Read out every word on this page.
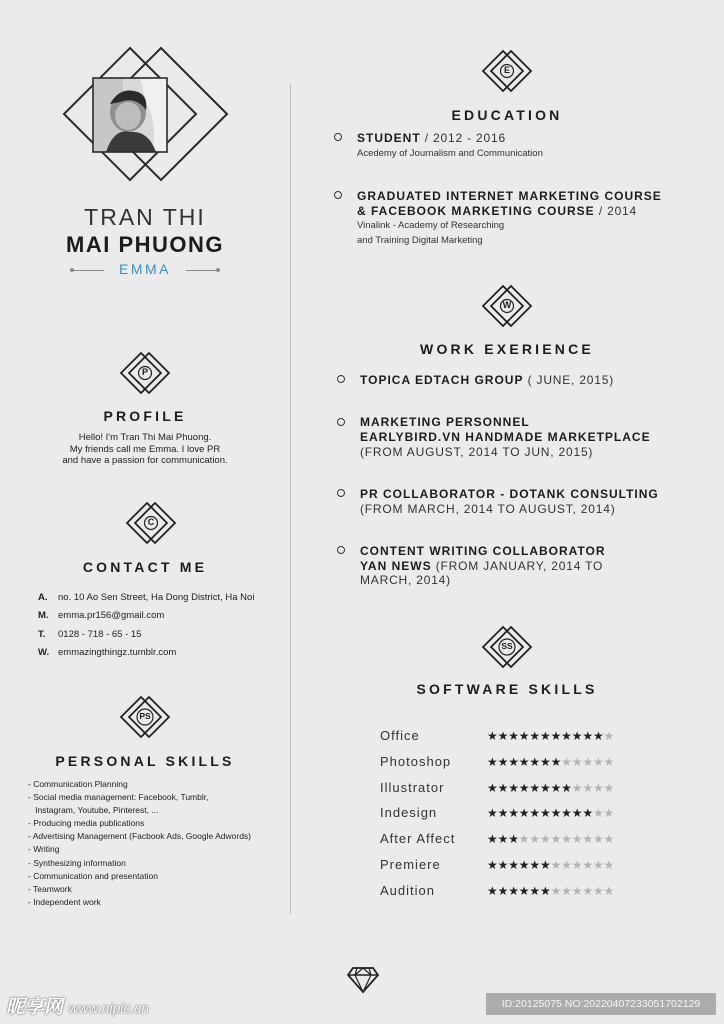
TRAN THI
MAI PHUONG
EMMA
P
PROFILE
Hello! I'm Tran Thi Mai Phuong.
My friends call me Emma. I love PR
and have a passion for communication.
C
CONTACT ME
A.	no. 10 Ao Sen Street, Ha Dong District, Ha Noi
M. emma.pr156@gmail.com
T.	0128 - 718 - 65 - 15
W. emmazingthingz.tumblr.com
PS
PERSONAL SKILLS
- Communication Planning
- Social media management: Facebook, Tumblr,
Instagram, Youtube, Pinterest, ...
- Producing media publications
- Advertising Management (Facbook Ads, Google Adwords)
- Writing
- Synthesizing information
- Communication and presentation
- Teamwork
- Independent work
E
EDUCATION
STUDENT / 2012 - 2016
Acedemy of Journalism and Communication
GRADUATED INTERNET MARKETING COURSE
& FACEBOOK MARKETING COURSE / 2014
Vinalink - Academy of Researching
and Training Digital Marketing
W
WORK EXERIENCE
TOPICA EDTACH GROUP ( JUNE, 2015)
MARKETING PERSONNEL
EARLYBIRD.VN HANDMADE MARKETPLACE
(FROM AUGUST, 2014 TO JUN, 2015)
PR COLLABORATOR - DOTANK CONSULTING
(FROM MARCH, 2014 TO AUGUST, 2014)
CONTENT WRITING COLLABORATOR
YAN NEWS (FROM JANUARY, 2014 TO
MARCH, 2014)
SS
SOFTWARE SKILLS
Office	★★★★★★★★★★★★
Photoshop	★★★★★★★★★★★★
Illustrator	★★★★★★★★★★★★
Indesign	★★★★★★★★★★★★
After Affect	★★★★★★★★★★★★
Premiere	★★★★★★★★★★★★
Audition	★★★★★★★★★★★★
昵享网 www.nipic.cn	ID:20125075 NO:20220407233051702129
